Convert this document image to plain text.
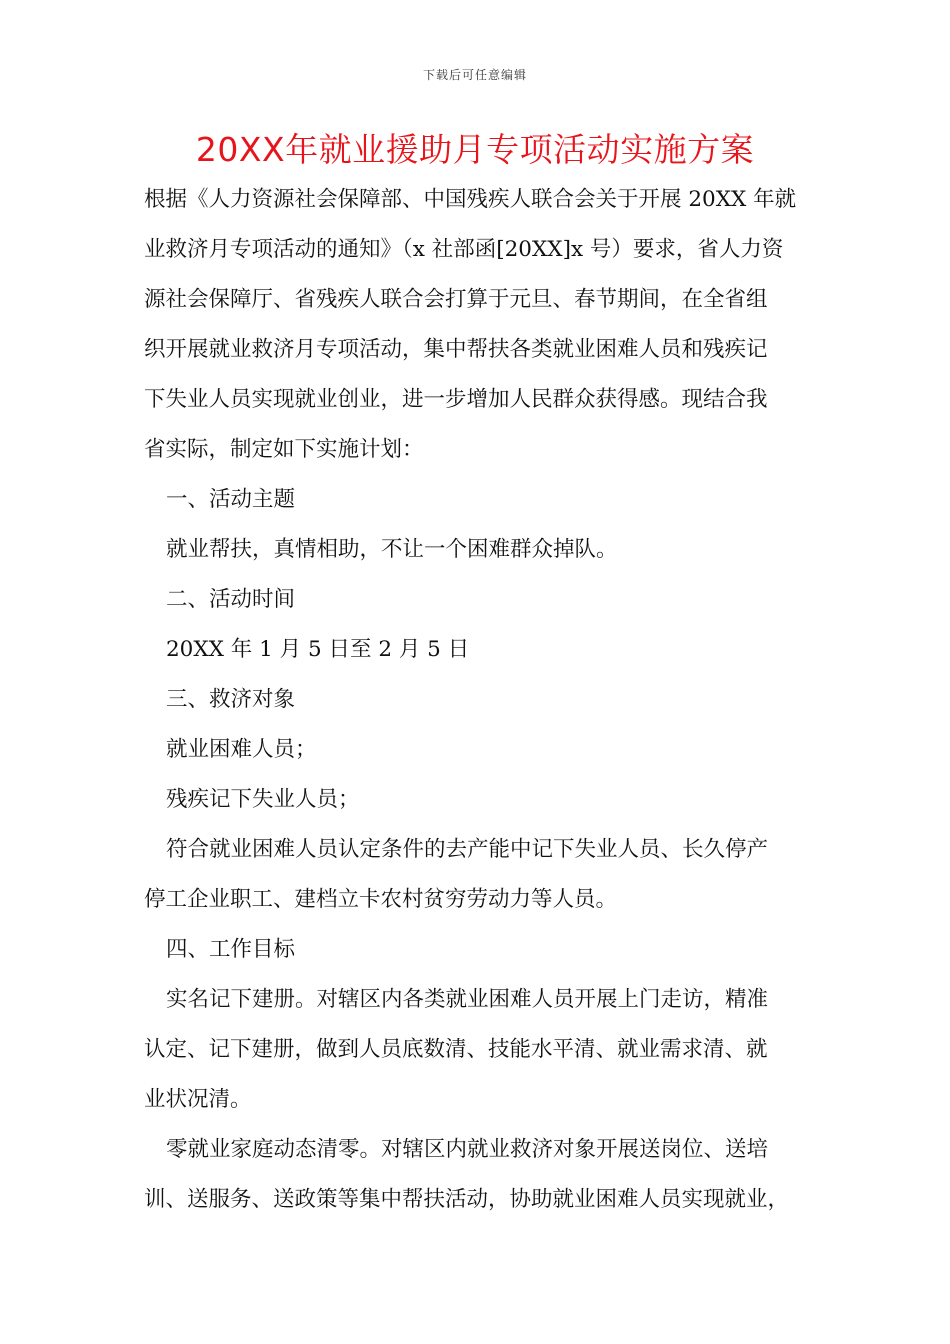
下载后可任意编辑
20XX年就业援助月专项活动实施方案
根据《人力资源社会保障部、中国残疾人联合会关于开展 20XX 年就
业救济月专项活动的通知》（x 社部函[20XX]x 号）要求，省人力资
源社会保障厅、省残疾人联合会打算于元旦、春节期间，在全省组
织开展就业救济月专项活动，集中帮扶各类就业困难人员和残疾记
下失业人员实现就业创业，进一步增加人民群众获得感。现结合我
省实际，制定如下实施计划：
一、活动主题
就业帮扶，真情相助，不让一个困难群众掉队。
二、活动时间
20XX 年 1 月 5 日至 2 月 5 日
三、救济对象
就业困难人员；
残疾记下失业人员；
符合就业困难人员认定条件的去产能中记下失业人员、长久停产
停工企业职工、建档立卡农村贫穷劳动力等人员。
四、工作目标
实名记下建册。对辖区内各类就业困难人员开展上门走访，精准
认定、记下建册，做到人员底数清、技能水平清、就业需求清、就
业状况清。
零就业家庭动态清零。对辖区内就业救济对象开展送岗位、送培
训、送服务、送政策等集中帮扶活动，协助就业困难人员实现就业，
